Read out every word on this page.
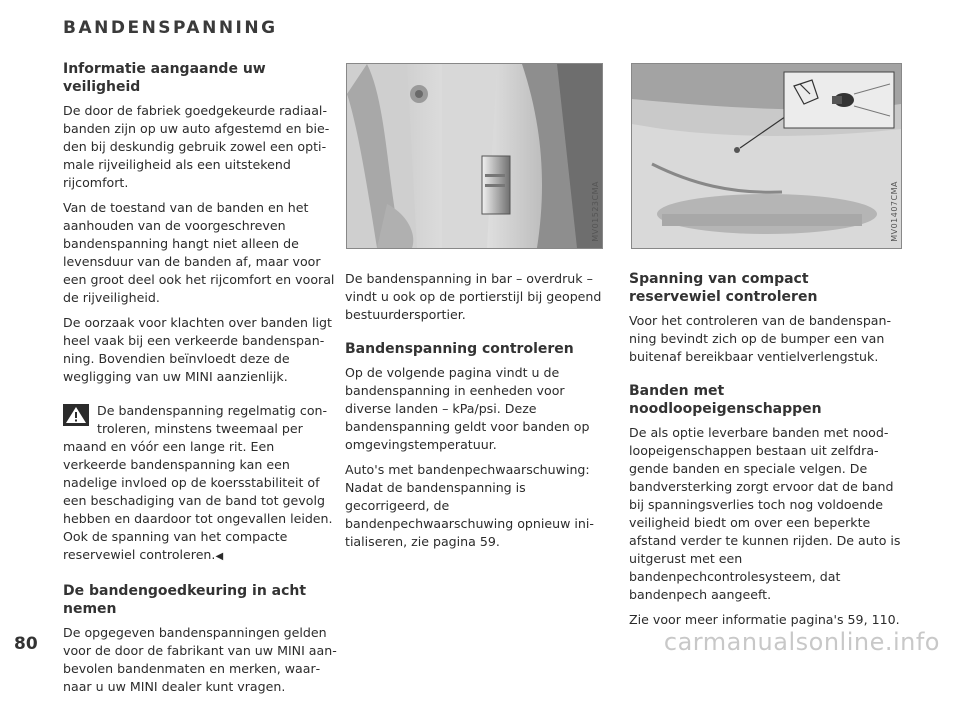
BANDENSPANNING
Informatie aangaande uw veiligheid

De door de fabriek goedgekeurde radiaalbanden zijn op uw auto afgestemd en bieden bij deskundig gebruik zowel een optimale rijveiligheid als een uitstekend rijcomfort.

Van de toestand van de banden en het aanhouden van de voorgeschreven bandenspanning hangt niet alleen de levensduur van de banden af, maar voor een groot deel ook het rijcomfort en vooral de rijveiligheid.

De oorzaak voor klachten over banden ligt heel vaak bij een verkeerde bandenspanning. Bovendien beïnvloedt deze de wegligging van uw MINI aanzienlijk.

De bandenspanning regelmatig controleren, minstens tweemaal per maand en vóór een lange rit. Een verkeerde bandenspanning kan een nadelige invloed op de koersstabiliteit of een beschadiging van de band tot gevolg hebben en daardoor tot ongevallen leiden. Ook de spanning van het compacte reservewiel controleren.◀

De bandengoedkeuring in acht nemen

De opgegeven bandenspanningen gelden voor de door de fabrikant van uw MINI aanbevolen bandenmaten en merken, waarnaar u uw MINI dealer kunt vragen.

MV01523CMA	MV01407CMA

De bandenspanning in bar – overdruk – vindt u ook op de portierstijl bij geopend bestuurdersportier.

Bandenspanning controleren

Op de volgende pagina vindt u de bandenspanning in eenheden voor diverse landen – kPa/psi. Deze bandenspanning geldt voor banden op omgevingstemperatuur.

Auto's met bandenpechwaarschuwing: Nadat de bandenspanning is gecorrigeerd, de bandenpechwaarschuwing opnieuw initialiseren, zie pagina 59.

Spanning van compact reservewiel controleren

Voor het controleren van de bandenspanning bevindt zich op de bumper een van buitenaf bereikbaar ventielverlengstuk.

Banden met noodloopeigenschappen

De als optie leverbare banden met noodloopeigenschappen bestaan uit zelfdragende banden en speciale velgen. De bandversterking zorgt ervoor dat de band bij spanningsverlies toch nog voldoende veiligheid biedt om over een beperkte afstand verder te kunnen rijden. De auto is uitgerust met een bandenpechcontrolesysteem, dat bandenpech aangeeft.

Zie voor meer informatie pagina's 59, 110.

80	carmanualsonline.info
